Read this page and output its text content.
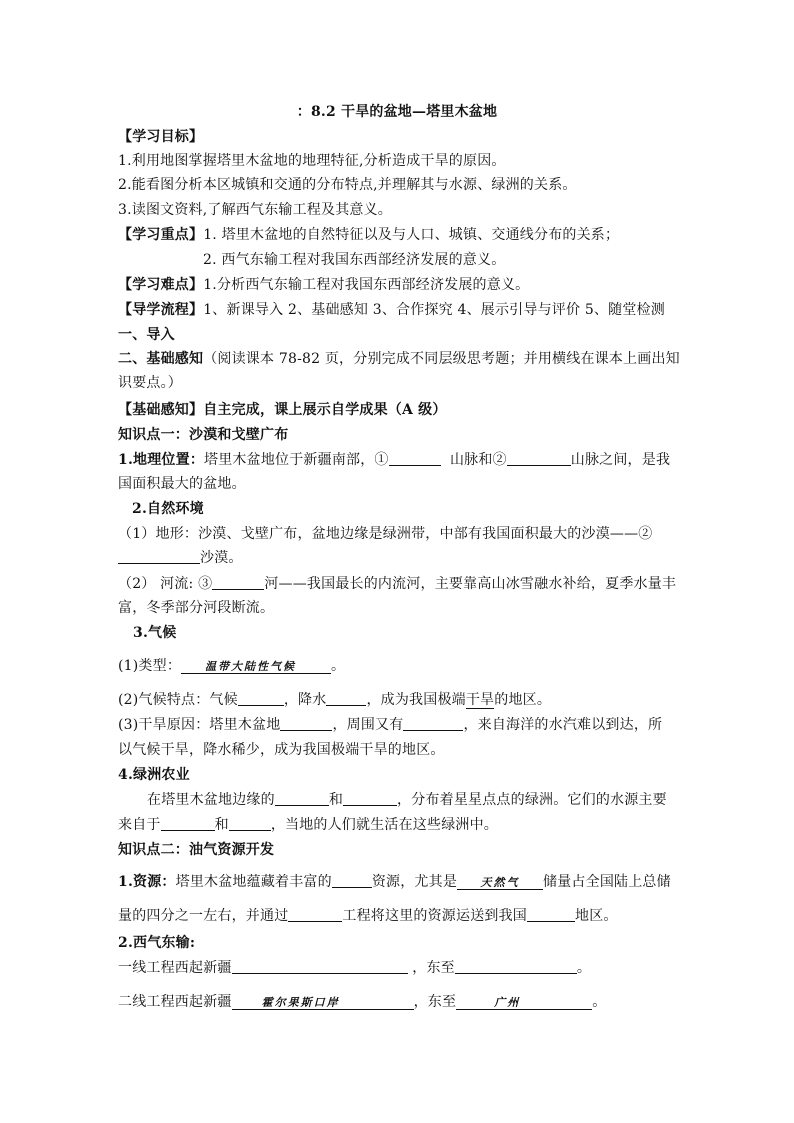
：8.2 干旱的盆地—塔里木盆地
【学习目标】
1.利用地图掌握塔里木盆地的地理特征,分析造成干旱的原因。
2.能看图分析本区城镇和交通的分布特点,并理解其与水源、绿洲的关系。
3.读图文资料,了解西气东输工程及其意义。
【学习重点】1. 塔里木盆地的自然特征以及与人口、城镇、交通线分布的关系；
2. 西气东输工程对我国东西部经济发展的意义。
【学习难点】1.分析西气东输工程对我国东西部经济发展的意义。
【导学流程】1、新课导入 2、基础感知 3、合作探究 4、展示引导与评价 5、随堂检测
一、导入
二、基础感知（阅读课本 78-82 页，分别完成不同层级思考题；并用横线在课本上画出知
识要点。）
【基础感知】自主完成，课上展示自学成果（A 级）
知识点一：沙漠和戈壁广布
1.地理位置：塔里木盆地位于新疆南部，①	山脉和②	山脉之间，是我
国面积最大的盆地。
2.自然环境
（1）地形：沙漠、戈壁广布，盆地边缘是绿洲带，中部有我国面积最大的沙漠——②
沙漠。
（2） 河流: ③	河——我国最长的内流河，主要靠高山冰雪融水补给，夏季水量丰
富，冬季部分河段断流。
3.气候
(1)类型： 温带大陆性气候	。
(2)气候特点：气候	，降水	，成为我国极端干旱的地区。
(3)干旱原因：塔里木盆地	，周围又有	，来自海洋的水汽难以到达，所
以气候干旱，降水稀少，成为我国极端干旱的地区。
4.绿洲农业
在塔里木盆地边缘的	和	，分布着星星点点的绿洲。它们的水源主要
来自于	和	，当地的人们就生活在这些绿洲中。
知识点二：油气资源开发
1.资源：塔里木盆地蕴藏着丰富的	资源，尤其是 天然气 储量占全国陆上总储
量的四分之一左右，并通过	工程将这里的资源运送到我国	地区。
2.西气东输:
一线工程西起新疆	，东至	。
二线工程西起新疆	霍尔果斯口岸	，东至	广州	。
